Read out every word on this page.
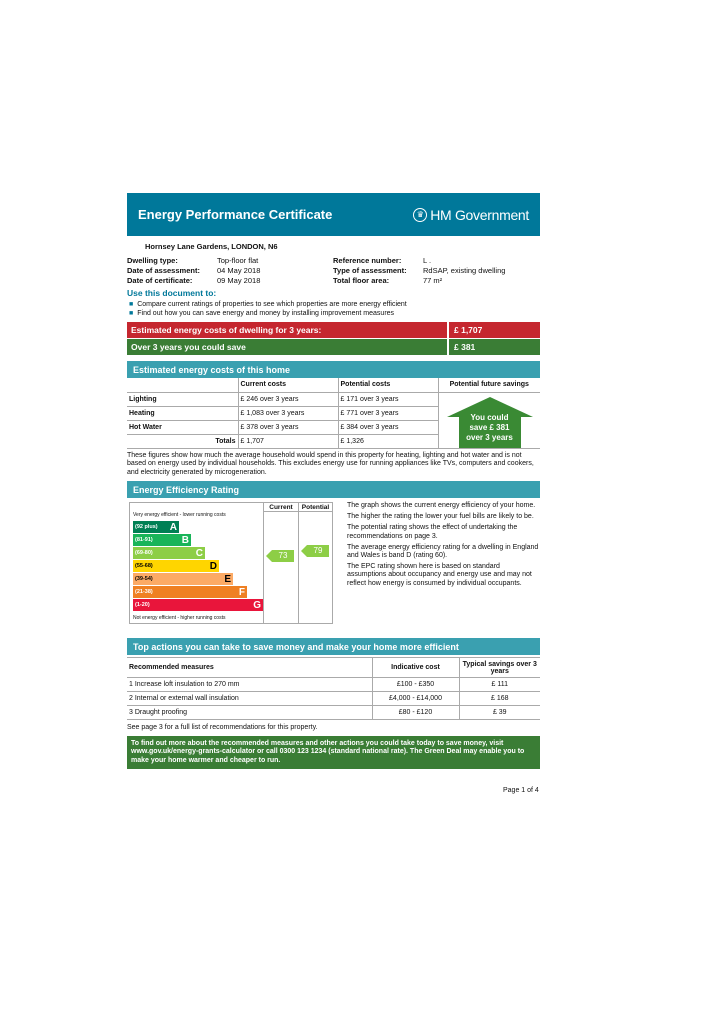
Energy Performance Certificate	♛ HM Government
Hornsey Lane Gardens, LONDON, N6
Dwelling type:	Top-floor flat
Date of assessment:	04 May 2018
Date of certificate:	09 May 2018
Reference number:	L .
Type of assessment:	RdSAP, existing dwelling
Total floor area:	77 m²
Use this document to:
■ Compare current ratings of properties to see which properties are more energy efficient
■ Find out how you can save energy and money by installing improvement measures
Estimated energy costs of dwelling for 3 years:	£ 1,707
Over 3 years you could save	£ 381
Estimated energy costs of this home
	Current costs	Potential costs	Potential future savings
Lighting	£ 246 over 3 years	£ 171 over 3 years	You could
save £ 381
over 3 years

Heating	£ 1,083 over 3 years	£ 771 over 3 years	
Hot Water	£ 378 over 3 years	£ 384 over 3 years	
Totals	£ 1,707	£ 1,326	
These figures show how much the average household would spend in this property for heating, lighting and hot water and is not based on energy used by individual households. This excludes energy use for running appliances like TVs, computers and cookers, and electricity generated by microgeneration.
Energy Efficiency Rating
Very energy efficient - lower running costs
Current	Potential
(92 plus) A
(81-91)	B
(69-80)	C
(55-68)	D
(39-54)	E
(21-38)	F
(1-20)	G
73
79
Not energy efficient - higher running costs

The graph shows the current energy efficiency of your home.

The higher the rating the lower your fuel bills are likely to be.

The potential rating shows the effect of undertaking the recommendations on page 3.

The average energy efficiency rating for a dwelling in England and Wales is band D (rating 60).

The EPC rating shown here is based on standard assumptions about occupancy and energy use and may not reflect how energy is consumed by individual occupants.

Top actions you can take to save money and make your home more efficient
Recommended measures	Indicative cost	Typical savings over 3 years
1 Increase loft insulation to 270 mm	£100 - £350	£ 111
2 Internal or external wall insulation	£4,000 - £14,000	£ 168
3 Draught proofing	£80 - £120	£ 39
See page 3 for a full list of recommendations for this property.
To find out more about the recommended measures and other actions you could take today to save money, visit www.gov.uk/energy-grants-calculator or call 0300 123 1234 (standard national rate). The Green Deal may enable you to make your home warmer and cheaper to run.
Page 1 of 4
